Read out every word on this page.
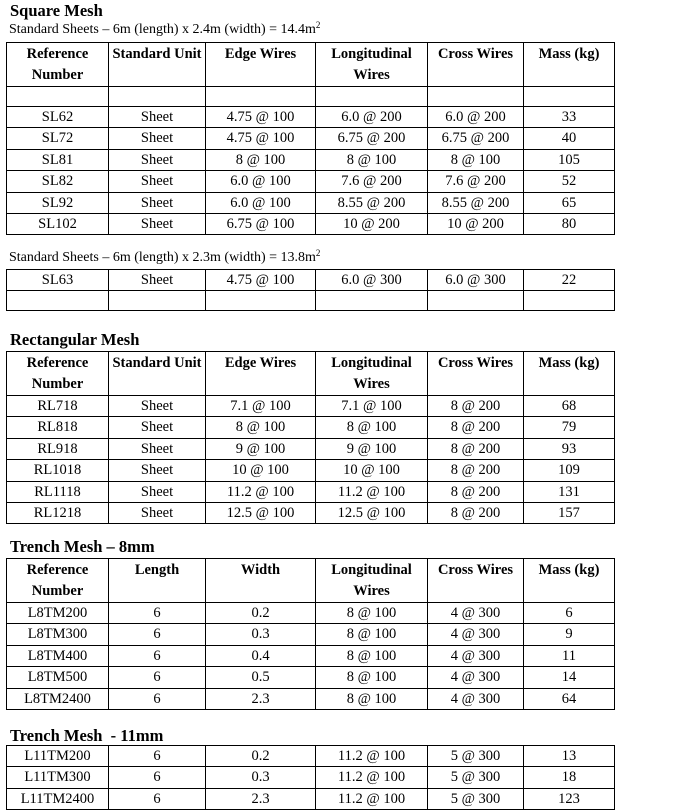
Square Mesh
Standard Sheets – 6m (length) x 2.4m (width) = $14.4m^2$
Reference Number	Standard Unit	Edge Wires	Longitudinal Wires	Cross Wires	Mass (kg)

SL62	Sheet	4.75 @ 100	6.0 @ 200	6.0 @ 200	33
SL72	Sheet	4.75 @ 100	6.75 @ 200	6.75 @ 200	40
SL81	Sheet	8 @ 100	8 @ 100	8 @ 100	105
SL82	Sheet	6.0 @ 100	7.6 @ 200	7.6 @ 200	52
SL92	Sheet	6.0 @ 100	8.55 @ 200	8.55 @ 200	65
SL102	Sheet	6.75 @ 100	10 @ 200	10 @ 200	80
Standard Sheets – 6m (length) x 2.3m (width) = $13.8m^2$
SL63	Sheet	4.75 @ 100	6.0 @ 300	6.0 @ 300	22

Rectangular Mesh
Reference Number	Standard Unit	Edge Wires	Longitudinal Wires	Cross Wires	Mass (kg)
RL718	Sheet	7.1 @ 100	7.1 @ 100	8 @ 200	68
RL818	Sheet	8 @ 100	8 @ 100	8 @ 200	79
RL918	Sheet	9 @ 100	9 @ 100	8 @ 200	93
RL1018	Sheet	10 @ 100	10 @ 100	8 @ 200	109
RL1118	Sheet	11.2 @ 100	11.2 @ 100	8 @ 200	131
RL1218	Sheet	12.5 @ 100	12.5 @ 100	8 @ 200	157
Trench Mesh – 8mm
Reference Number	Length	Width	Longitudinal Wires	Cross Wires	Mass (kg)
L8TM200	6	0.2	8 @ 100	4 @ 300	6
L8TM300	6	0.3	8 @ 100	4 @ 300	9
L8TM400	6	0.4	8 @ 100	4 @ 300	11
L8TM500	6	0.5	8 @ 100	4 @ 300	14
L8TM2400	6	2.3	8 @ 100	4 @ 300	64
Trench Mesh  - 11mm
L11TM200	6	0.2	11.2 @ 100	5 @ 300	13
L11TM300	6	0.3	11.2 @ 100	5 @ 300	18
L11TM2400	6	2.3	11.2 @ 100	5 @ 300	123
